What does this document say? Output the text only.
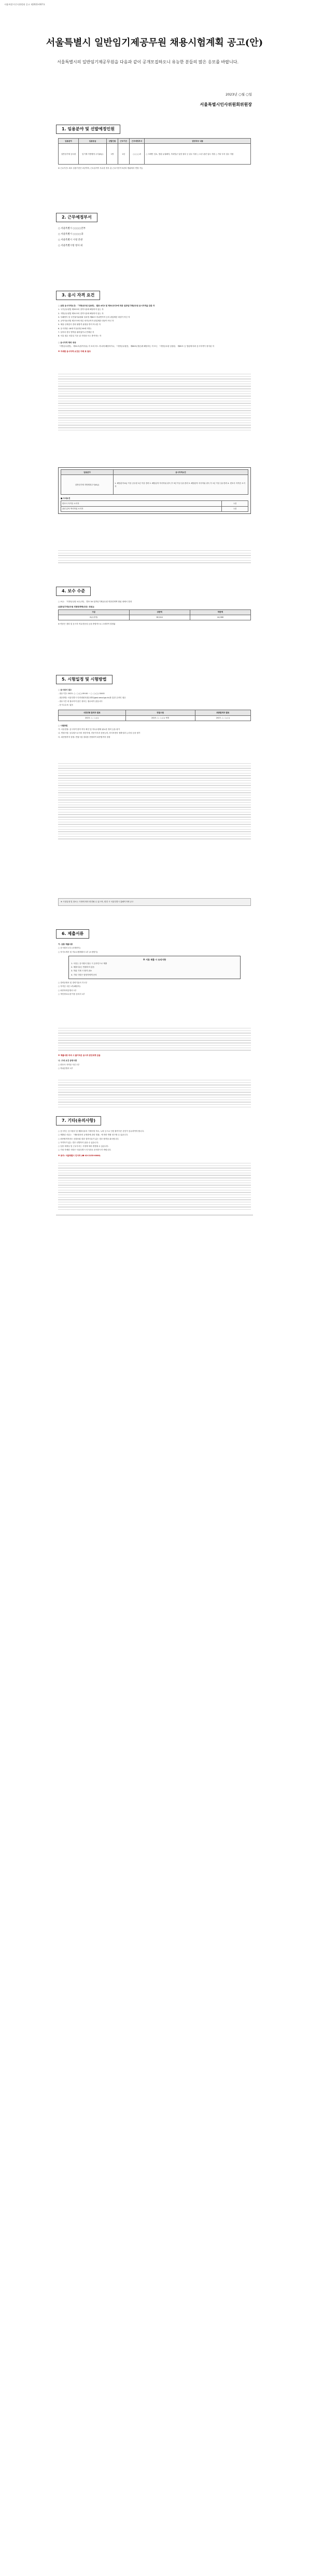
서울특별시인사위원회 공고 제2023-00?호
서울특별시 일반임기제공무원 채용시험계획 공고(안)
서울특별시의 일반임기제공무원을 다음과 같이 공개모집하오니 유능한 분들의 많은 응모를 바랍니다.
2023년 ○월 ○일
서울특별시인사위원회위원장
1. 임용분야 및 선발예정인원
임용분야	임용등급	선발인원	근무기간	근무예정부서	담당직무 내용
일반임기제 공무원	임기제 지방행정 주사(6급)	1명	2년	○○○○과	○ 조례안 검토, 법령 유권해석, 자치법규 입법 절차 등 업무 지원 ○ 소송 관련 업무 지원 ○ 기타 부서 업무 지원

※ 근무기간: 최초 임용기간은 2년이며, 근무실적이 우수한 경우 총 근무기간이 5년의 범위에서 연장 가능

2. 근무예정부서

○ 서울특별시 ○○○○본부

○ 서울특별시 ○○○○과

○ 서울특별시 시청 본관

○ 서울특별시청 청사 외

3. 응시 자격 요건

○ 공통 응시자격요건: 「지방공무원 임용령」 별표 4의2 및 제31조의3에 따른 일반임기제공무원 응시자격을 갖춘 자

1. 국가공무원법 제33조의 결격사유에 해당하지 않는 자

2. 지방공무원법 제31조의 결격사유에 해당하지 않는 자

3. 부패방지 및 국민권익위원회 설치법 제82조 비위면직자 등의 취업제한 대상이 아닌 자

4. 공직자윤리법 제17조에 따른 퇴직공직자 취업제한 대상이 아닌 자

5. 채용 신체검사 결과 불합격 판정을 받지 아니한 자

6. 응시연령: 18세 이상(정년 60세 미만)

7. 남자의 경우 병역을 필하였거나 면제된 자

8. 서류 접수 마감일 기준 위 사항을 모두 충족하는 자

○ 응시자격 제외 대상

「지방공무원법」 제31조(결격사유) 각 호의 어느 하나에 해당하거나, 「지방공무원법」 제66조(정년)에 해당하는 자 또는 「지방공무원 임용령」 제65조 등 법령에 따라 응시자격이 정지된 자

※ 자세한 응시자격 요건은 아래 표 참조

임용분야	응시자격요건
일반임기제 지방행정주사(6급)	1. 해당분야 6급 이상 공무원 1년 이상 경력 2. 해당분야 학사학위 취득 후 3년 이상 실무경력 3. 해당분야 석사학위 취득 후 1년 이상 실무경력 4. 변호사 자격증 소지자

■ 우대요건

변호사 자격증 소지자	1점
관련 분야 박사학위 소지자	1점
4. 보수 수준

○ 보수: 「지방공무원 보수규정」 별표 34 일반임기제공무원 연봉한계액 범위 내에서 결정

[일반임기제공무원 연봉한계액(단위: 천원)]

구분	상한액	하한액
6급(상당)	82,044	44,066

※ 연봉은 경력 및 응시자 직무전문성 등을 종합적으로 고려하여 결정됨

5. 시험일정 및 시험방법

○ 응시원서 접수

- 접수기간: 2023. ○. ○.(○) 09:00 ~ ○. ○.(○) 18:00

- 접수방법: 서울특별시 인터넷원서접수센터(gosi.seoul.go.kr)를 통한 온라인 접수

- 접수시간 내 접수하지 않은 원서는 접수되지 않습니다

- 응시수수료: 없음

서류전형 합격자 발표	면접시험	최종합격자 발표
2023. ○. ○.(○)	2023. ○. ○.(○) 예정	2023. ○. ○.(○)

○ 시험방법

가. 서류전형: 응시자격 충족 여부 확인 및 직무수행에 필요한 경력 등을 평가

나. 면접시험: 공무원으로서의 정신자세, 전문지식과 응용능력, 의사표현의 정확성과 논리성 등을 평가

다. 최종합격자 결정: 면접시험 결과를 종합하여 최종합격자 결정

※ 시험일정 및 장소는 사정에 따라 변경될 수 있으며, 변경 시 서울특별시 홈페이지에 공고

6. 제출서류

가. 공통 제출서류

○ 응시원서 1부 (소정양식)

○ 자기소개서 및 직무수행계획서 1부 (소정양식)

※ 서류 제출 시 유의사항

1. 서류는 응시원서 접수 시 온라인으로 제출

2. 제출서류는 반환하지 않음

3. 허위 기재 시 합격 취소

4. 기타 사항은 담당자에게 문의

○ 경력증명서 및 경력기술서 각 1부

○ 자격증 사본 1부(해당자)

○ 최종학력증명서 1부

○ 개인정보수집·이용 동의서 1부

※ 제출서류 미비 시 불이익은 응시자 본인에게 있음

나. 우대 요건 증빙서류

○ 변호사 자격증 사본 1부

○ 학위증명서 1부

7. 기타(유의사항)

○ 응시자는 응시원서 및 제출서류의 기재사항 착오, 누락 등으로 인한 불이익은 본인이 감수하여야 합니다.

○ 제출된 서류는 「채용절차의 공정화에 관한 법률」에 따라 반환 청구할 수 있습니다.

○ 최종합격자라도 신원조회 결과 결격사유가 있는 경우 합격을 취소합니다.

○ 적격자가 없는 경우 선발하지 않을 수 있습니다.

○ 임용 예정일 및 근무부서는 사정에 따라 변경될 수 있습니다.

○ 기타 자세한 사항은 서울특별시 인사과로 문의하시기 바랍니다.

※ 문의: 서울특별시 인사과 (☎ 02-2133-0000)
